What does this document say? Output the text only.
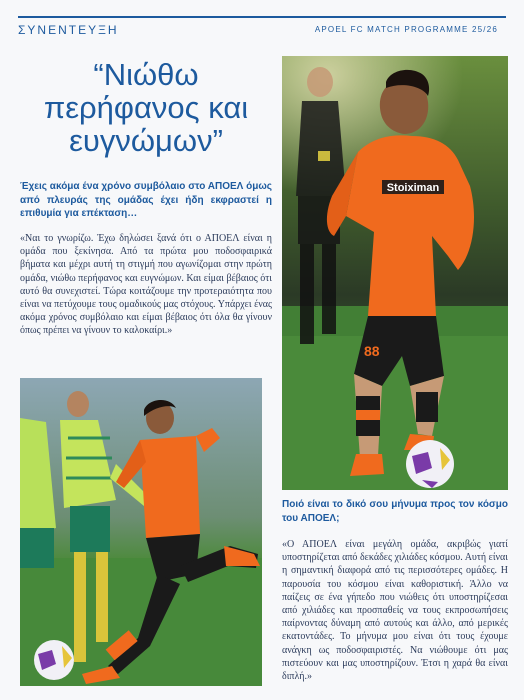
ΣΥΝΕΝΤΕΥΞΗ	APOEL FC MATCH PROGRAMME 25/26
“Νιώθω
περήφανος και
ευγνώμων”
Έχεις ακόμα ένα χρόνο συμβόλαιο στο ΑΠΟΕΛ όμως από πλευράς της ομάδας έχει ήδη εκφραστεί η επιθυμία για επέκταση…
«Ναι το γνωρίζω. Έχω δηλώσει ξανά ότι ο ΑΠΟΕΛ είναι η ομάδα που ξεκίνησα. Από τα πρώτα μου ποδοσφαιρικά βήματα και μέχρι αυτή τη στιγμή που αγωνίζομαι στην πρώτη ομάδα, νιώθω περήφανος και ευγνώμων. Και είμαι βέβαιος ότι αυτό θα συνεχιστεί. Τώρα κοιτάζουμε την προτεραιότητα που είναι να πετύχουμε τους ομαδικούς μας στόχους. Υπάρχει ένας ακόμα χρόνος συμβόλαιο και είμαι βέβαιος ότι όλα θα γίνουν όπως πρέπει να γίνουν το καλοκαίρι.»
Stoiximan
88
Ποιό είναι το δικό σου μήνυμα προς τον κόσμο του ΑΠΟΕΛ;
«Ο ΑΠΟΕΛ είναι μεγάλη ομάδα, ακριβώς γιατί υποστηρίζεται από δεκάδες χιλιάδες κόσμου. Αυτή είναι η σημαντική διαφορά από τις περισσότερες ομάδες. Η παρουσία του κόσμου είναι καθοριστική. Άλλο να παίζεις σε ένα γήπεδο που νιώθεις ότι υποστηρίζεσαι από χιλιάδες και προσπαθείς να τους εκπροσωπήσεις παίρνοντας δύναμη από αυτούς και άλλο, από μερικές εκατοντάδες. Το μήνυμα μου είναι ότι τους έχουμε ανάγκη ως ποδοσφαιριστές. Να νιώθουμε ότι μας πιστεύουν και μας υποστηρίζουν. Έτσι η χαρά θα είναι διπλή.»
